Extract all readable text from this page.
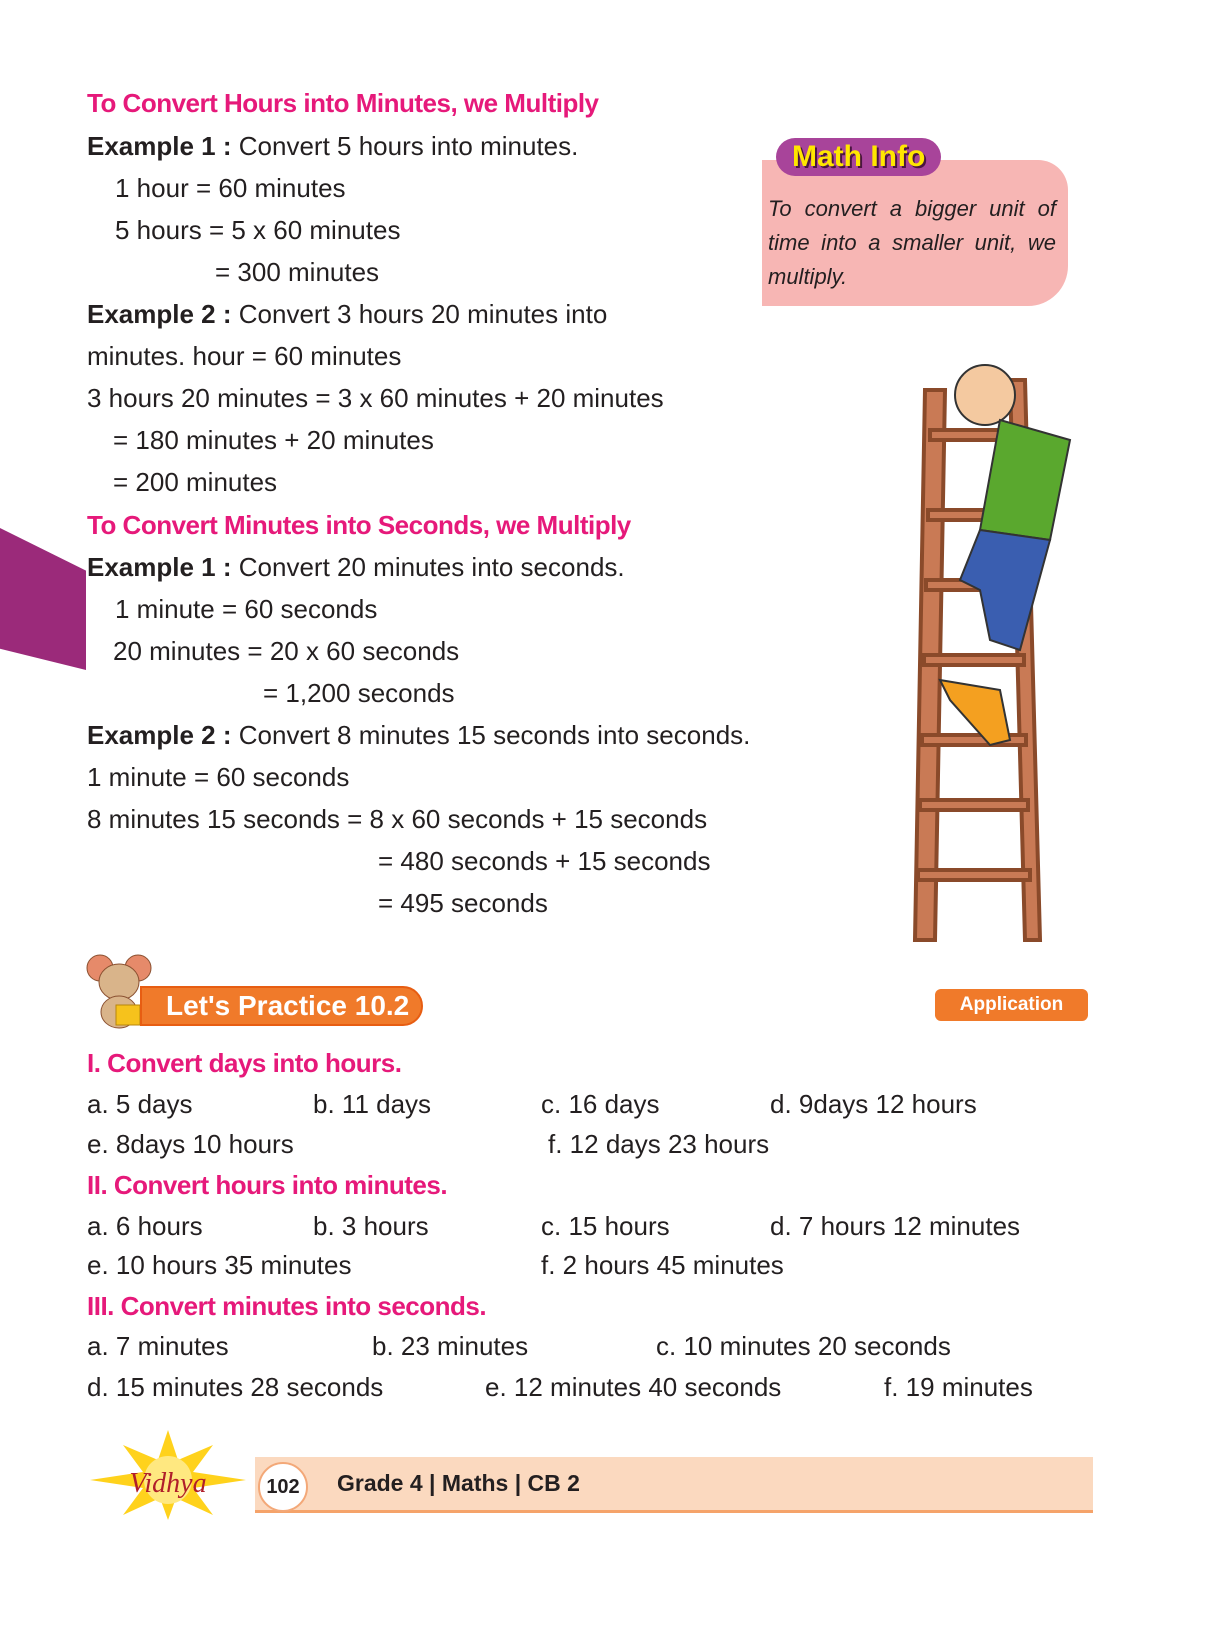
To Convert Hours into Minutes, we Multiply
Example 1 : Convert 5 hours into minutes.
1 hour = 60 minutes
5 hours = 5 x 60 minutes
= 300 minutes
Example 2 : Convert 3 hours 20 minutes into
minutes. hour = 60 minutes
3 hours 20 minutes = 3 x 60 minutes + 20 minutes
= 180 minutes + 20 minutes
= 200 minutes
To Convert Minutes into Seconds, we Multiply
Example 1 : Convert 20 minutes into seconds.
1 minute = 60 seconds
20 minutes = 20 x 60 seconds
= 1,200 seconds
Example 2 : Convert 8 minutes 15 seconds into seconds.
1 minute = 60 seconds
8 minutes 15 seconds = 8 x 60 seconds + 15 seconds
= 480 seconds + 15 seconds
= 495 seconds
Math Info
To convert a bigger unit of time into a smaller unit, we multiply.
Let's Practice 10.2	Application
I. Convert days into hours.
a. 5 days	b. 11 days	c. 16 days	d. 9days 12 hours
e. 8days 10 hours	f. 12 days 23 hours
II. Convert hours into minutes.
a. 6 hours	b. 3 hours	c. 15 hours	d. 7 hours 12 minutes
e. 10 hours 35 minutes	f. 2 hours 45 minutes
III. Convert minutes into seconds.
a. 7 minutes	b. 23 minutes	c. 10 minutes 20 seconds
d. 15 minutes 28 seconds	e. 12 minutes 40 seconds	f. 19 minutes
Vidhya	102	Grade 4 | Maths | CB 2
